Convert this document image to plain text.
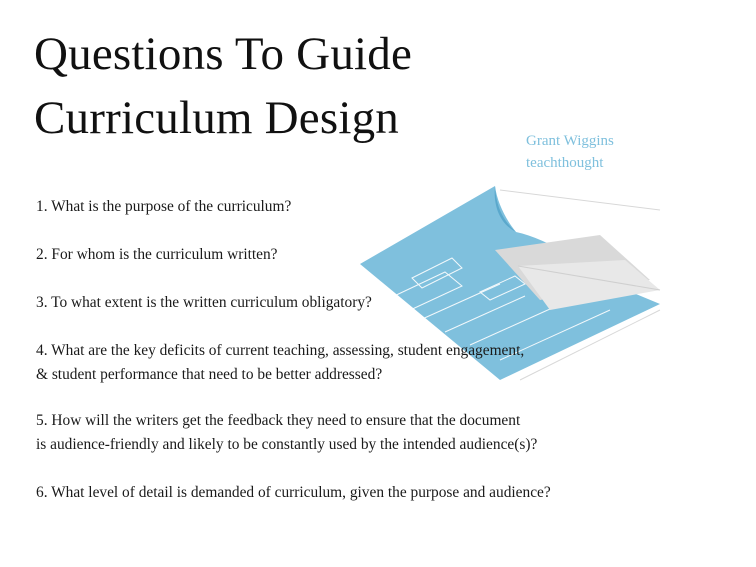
Questions To Guide
Curriculum Design	Grant Wiggins
teachthought

1. What is the purpose of the curriculum?

2. For whom is the curriculum written?

3. To what extent is the written curriculum obligatory?

4. What are the key deficits of current teaching, assessing, student engagement,
& student performance that need to be better addressed?
5. How will the writers get the feedback they need to ensure that the document
is audience-friendly and likely to be constantly used by the intended audience(s)?

6. What level of detail is demanded of curriculum, given the purpose and audience?
